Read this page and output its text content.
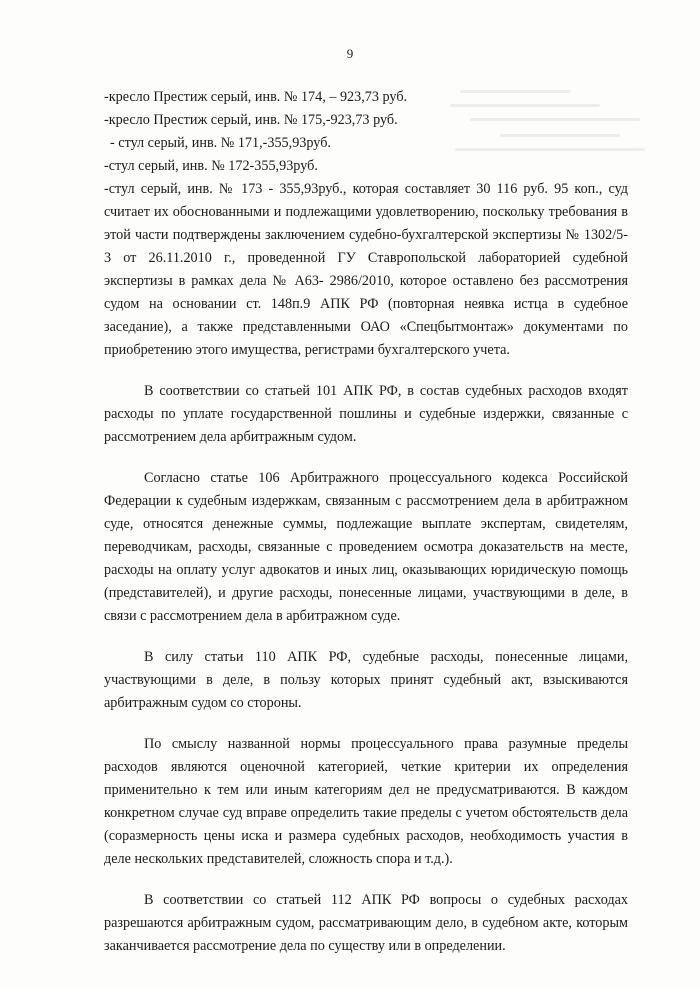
9
-кресло Престиж серый, инв. № 174, – 923,73 руб.
-кресло Престиж серый, инв. № 175,-923,73 руб.
- стул серый, инв. № 171,-355,93руб.
-стул серый, инв. № 172-355,93руб.

-стул серый, инв. № 173 - 355,93руб., которая составляет 30 116 руб. 95 коп., суд считает их обоснованными и подлежащими удовлетворению, поскольку требования в этой части подтверждены заключением судебно-бухгалтерской экспертизы № 1302/5-3 от 26.11.2010 г., проведенной ГУ Ставропольской лабораторией судебной экспертизы в рамках дела № А63- 2986/2010, которое оставлено без рассмотрения судом на основании ст. 148п.9 АПК РФ (повторная неявка истца в судебное заседание), а также представленными ОАО «Спецбытмонтаж» документами по приобретению этого имущества, регистрами бухгалтерского учета.

В соответствии со статьей 101 АПК РФ, в состав судебных расходов входят расходы по уплате государственной пошлины и судебные издержки, связанные с рассмотрением дела арбитражным судом.

Согласно статье 106 Арбитражного процессуального кодекса Российской Федерации к судебным издержкам, связанным с рассмотрением дела в арбитражном суде, относятся денежные суммы, подлежащие выплате экспертам, свидетелям, переводчикам, расходы, связанные с проведением осмотра доказательств на месте, расходы на оплату услуг адвокатов и иных лиц, оказывающих юридическую помощь (представителей), и другие расходы, понесенные лицами, участвующими в деле, в связи с рассмотрением дела в арбитражном суде.

В силу статьи 110 АПК РФ, судебные расходы, понесенные лицами, участвующими в деле, в пользу которых принят судебный акт, взыскиваются арбитражным судом со стороны.

По смыслу названной нормы процессуального права разумные пределы расходов являются оценочной категорией, четкие критерии их определения применительно к тем или иным категориям дел не предусматриваются. В каждом конкретном случае суд вправе определить такие пределы с учетом обстоятельств дела (соразмерность цены иска и размера судебных расходов, необходимость участия в деле нескольких представителей, сложность спора и т.д.).

В соответствии со статьей 112 АПК РФ вопросы о судебных расходах разрешаются арбитражным судом, рассматривающим дело, в судебном акте, которым заканчивается рассмотрение дела по существу или в определении.
